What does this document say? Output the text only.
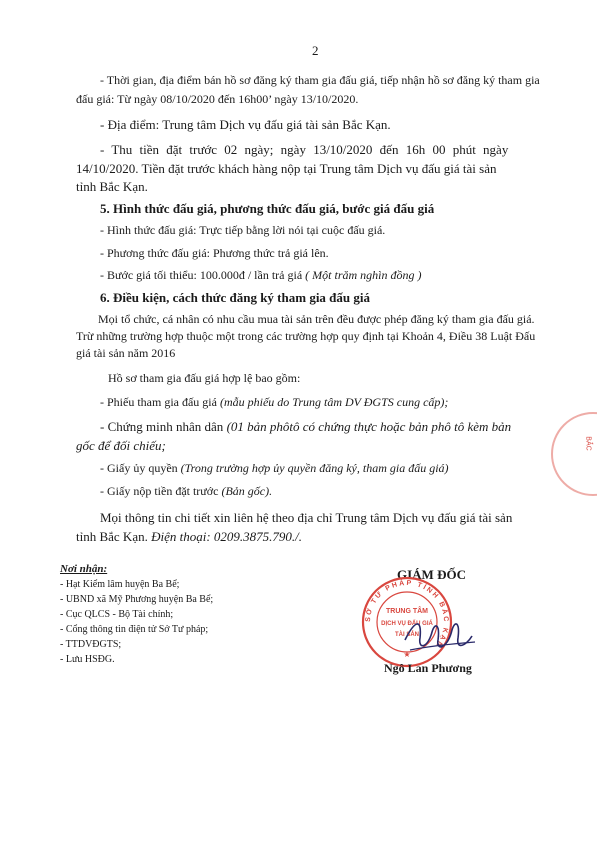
2
- Thời gian, địa điểm bán hồ sơ đăng ký tham gia đấu giá, tiếp nhận hồ sơ đăng ký tham gia
đấu giá: Từ ngày 08/10/2020 đến 16h00’ ngày 13/10/2020.
- Địa điểm: Trung tâm Dịch vụ đấu giá tài sản Bắc Kạn.
- Thu tiền đặt trước 02 ngày; ngày 13/10/2020 đến 16h 00 phút ngày
14/10/2020. Tiền đặt trước khách hàng nộp tại Trung tâm Dịch vụ đấu giá tài sản
tỉnh Bắc Kạn.
5. Hình thức đấu giá, phương thức đấu giá, bước giá đấu giá
- Hình thức đấu giá: Trực tiếp bằng lời nói tại cuộc đấu giá.
- Phương thức đấu giá: Phương thức trả giá lên.
- Bước giá tối thiểu: 100.000đ / lần trả giá ( Một trăm nghìn đồng )
6. Điều kiện, cách thức đăng ký tham gia đấu giá
Mọi tổ chức, cá nhân có nhu cầu mua tài sản trên đều được phép đăng ký tham gia đấu giá.
Trừ những trường hợp thuộc một trong các trường hợp quy định tại Khoản 4, Điều 38 Luật Đấu
giá tài sản năm 2016
Hồ sơ tham gia đấu giá hợp lệ bao gồm:
- Phiếu tham gia đấu giá (mẫu phiếu do Trung tâm DV ĐGTS cung cấp);
- Chứng minh nhân dân (01 bản phôtô có chứng thực hoặc bản phô tô kèm bản
gốc để đối chiếu;
- Giấy ủy quyền (Trong trường hợp ủy quyền đăng ký, tham gia đấu giá)
- Giấy nộp tiền đặt trước (Bản gốc).
Mọi thông tin chi tiết xin liên hệ theo địa chỉ Trung tâm Dịch vụ đấu giá tài sản
tỉnh Bắc Kạn. Điện thoại: 0209.3875.790./.
Nơi nhận:
- Hạt Kiểm lâm huyện Ba Bể;
- UBND xã Mỹ Phương huyện Ba Bể;
- Cục QLCS - Bộ Tài chính;
- Cổng thông tin điện tử Sở Tư pháp;
- TTDVĐGTS;
- Lưu HSĐG.
GIÁM ĐỐC
SỞ TƯ PHÁP TỈNH BẮC KẠN
TRUNG TÂM
DỊCH VỤ ĐẤU GIÁ
TÀI SẢN
★
Ngô Lan Phương
BẮC
